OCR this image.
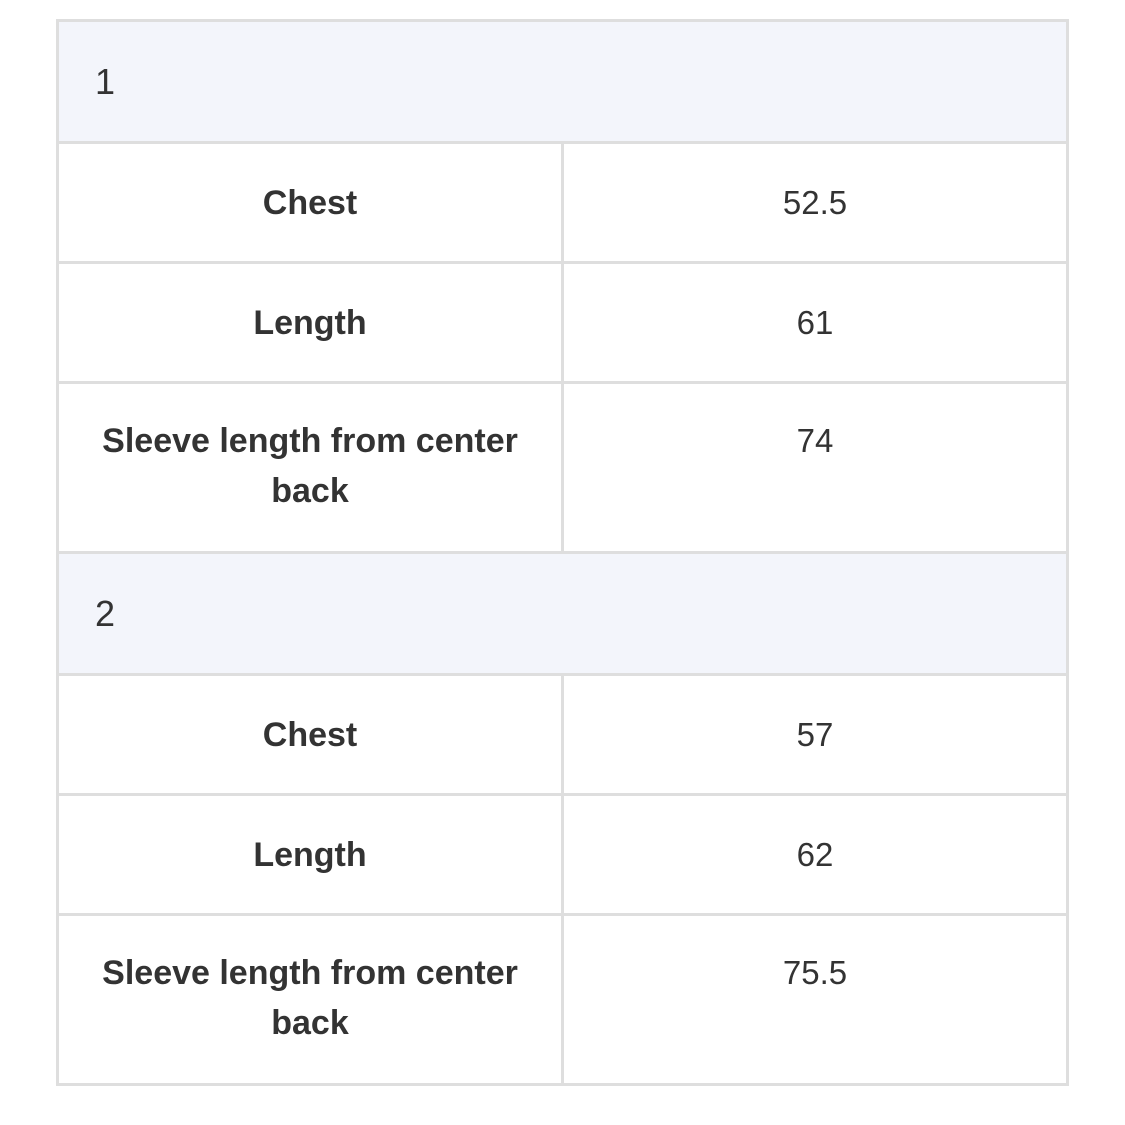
1	
Chest	52.5
Length	61
Sleeve length from center back	74
2	
Chest	57
Length	62
Sleeve length from center back	75.5
